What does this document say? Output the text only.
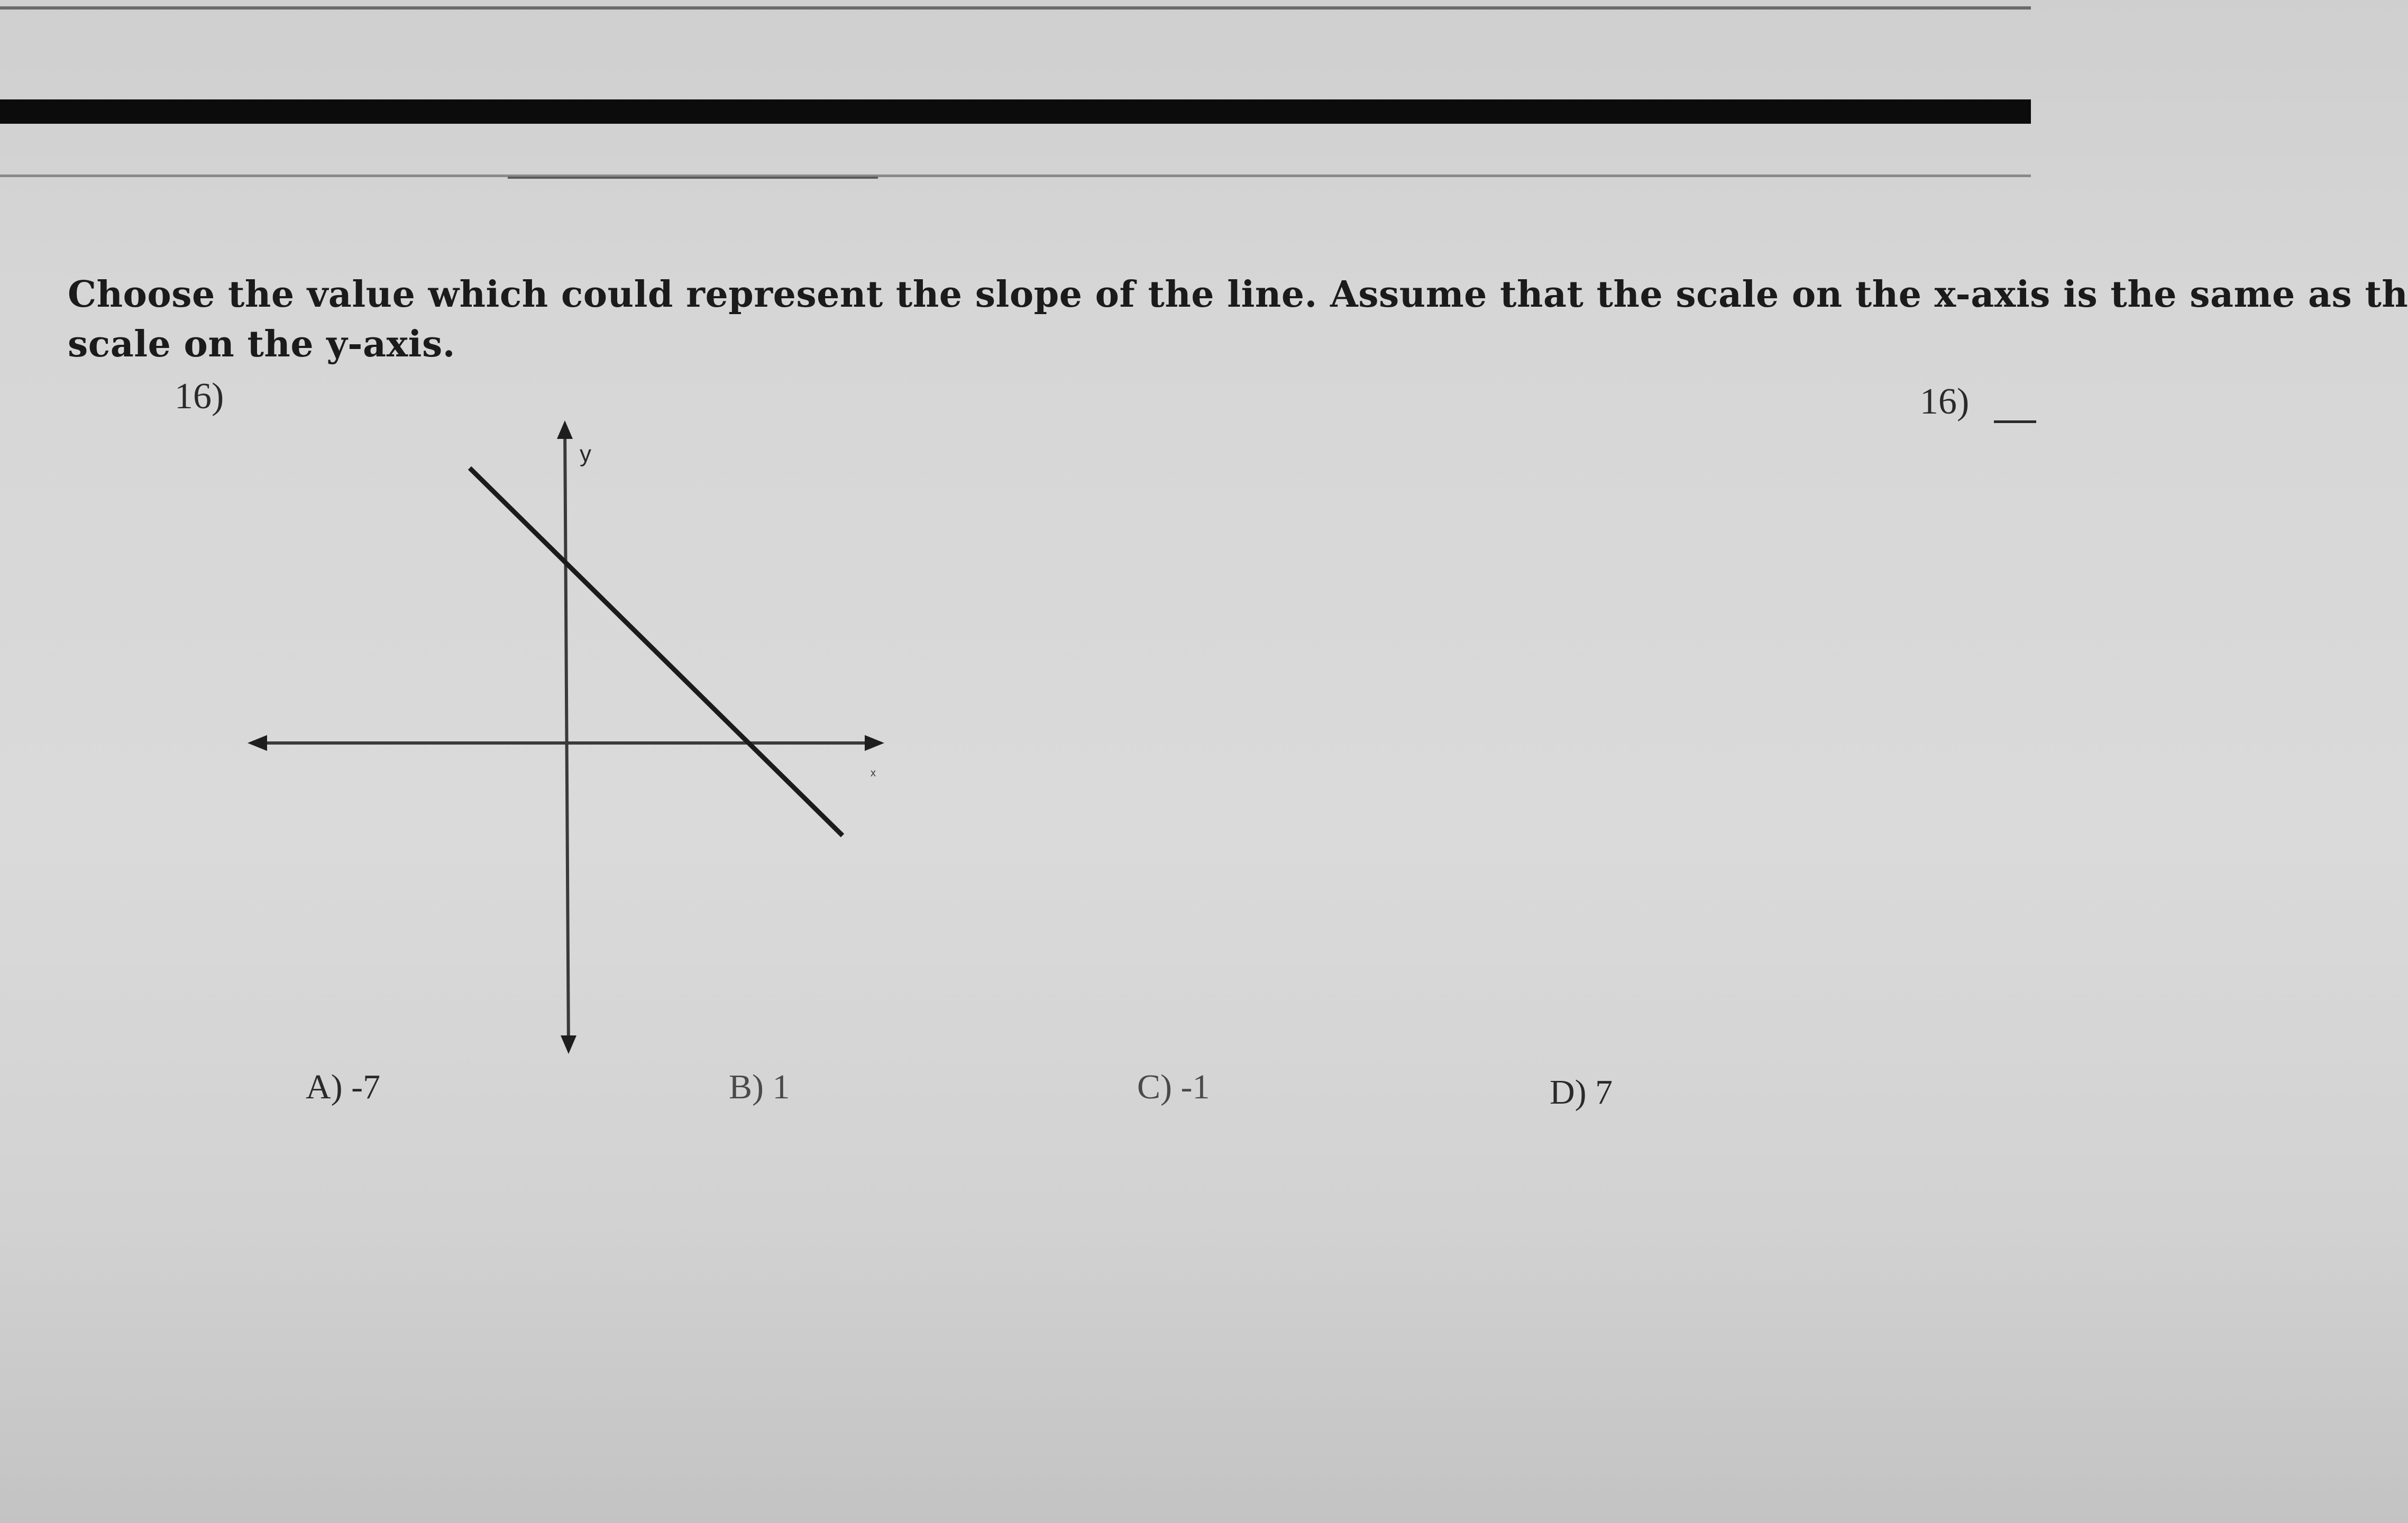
Choose the value which could represent the slope of the line. Assume that the scale on the x-axis is the same as th
scale on the y-axis.
16)	16)
y
x
A) -7	B) 1	C) -1	D) 7
